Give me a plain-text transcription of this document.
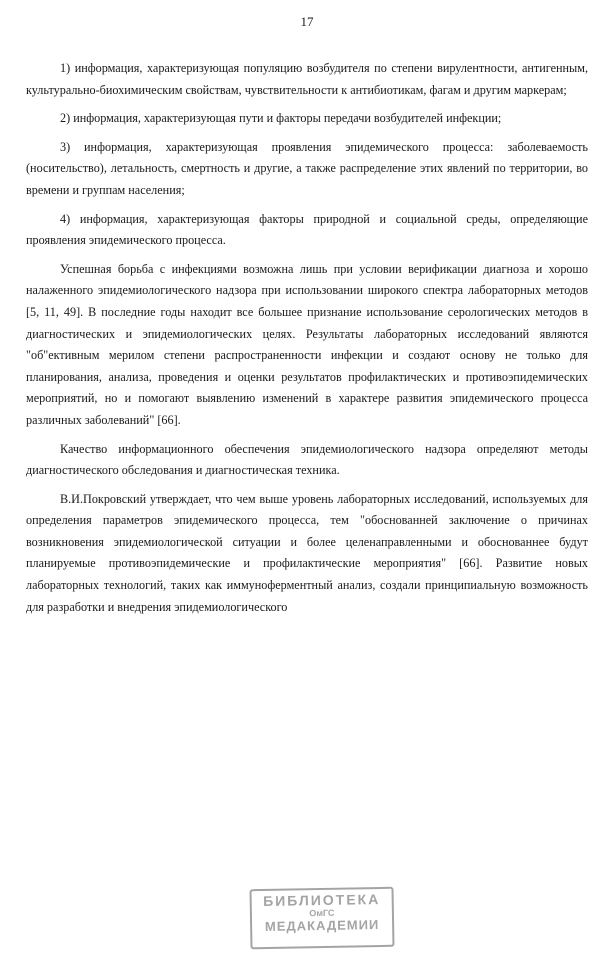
17

1) информация, характеризующая популяцию возбудителя по степени вирулентности, антигенным, культурально-биохимическим свойствам, чувствительности к антибиотикам, фагам и другим маркерам;

2) информация, характеризующая пути и факторы передачи возбудителей инфекции;

3) информация, характеризующая проявления эпидемического процесса: заболеваемость (носительство), летальность, смертность и другие, а также распределение этих явлений по территории, во времени и группам населения;

4) информация, характеризующая факторы природной и социальной среды, определяющие проявления эпидемического процесса.

Успешная борьба с инфекциями возможна лишь при условии верификации диагноза и хорошо налаженного эпидемиологического надзора при использовании широкого спектра лабораторных методов [5, 11, 49]. В последние годы находит все большее признание использование серологических методов в диагностических и эпидемиологических целях. Результаты лабораторных исследований являются "об"ективным мерилом степени распространенности инфекции и создают основу не только для планирования, анализа, проведения и оценки результатов профилактических и противоэпидемических мероприятий, но и помогают выявлению изменений в характере развития эпидемического процесса различных заболеваний" [66].

Качество информационного обеспечения эпидемиологического надзора определяют методы диагностического обследования и диагностическая техника.

В.И.Покровский утверждает, что чем выше уровень лабораторных исследований, используемых для определения параметров эпидемического процесса, тем "обоснованней заключение о причинах возникновения эпидемиологической ситуации и более целенаправленными и обоснованнее будут планируемые противоэпидемические и профилактические мероприятия" [66]. Развитие новых лабораторных технологий, таких как иммуноферментный анализ, создали принципиальную возможность для разработки и внедрения эпидемиологического

БИБЛИОТЕКА
ОмГС
МЕДАКАДЕМИИ
